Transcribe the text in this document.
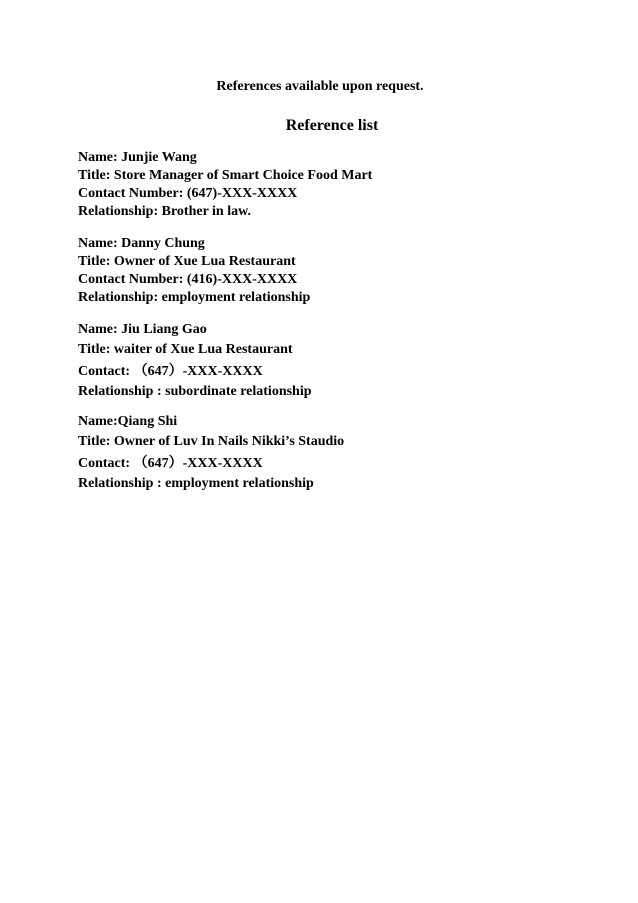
References available upon request.
Reference list
Name: Junjie Wang
Title: Store Manager of Smart Choice Food Mart
Contact Number: (647)-XXX-XXXX
Relationship: Brother in law.
Name: Danny Chung
Title: Owner of Xue Lua Restaurant
Contact Number: (416)-XXX-XXXX
Relationship: employment relationship
Name: Jiu Liang Gao
Title: waiter of Xue Lua Restaurant
Contact: （647）-XXX-XXXX
Relationship : subordinate relationship
Name:Qiang Shi
Title: Owner of Luv In Nails Nikki’s Staudio
Contact: （647）-XXX-XXXX
Relationship : employment relationship
